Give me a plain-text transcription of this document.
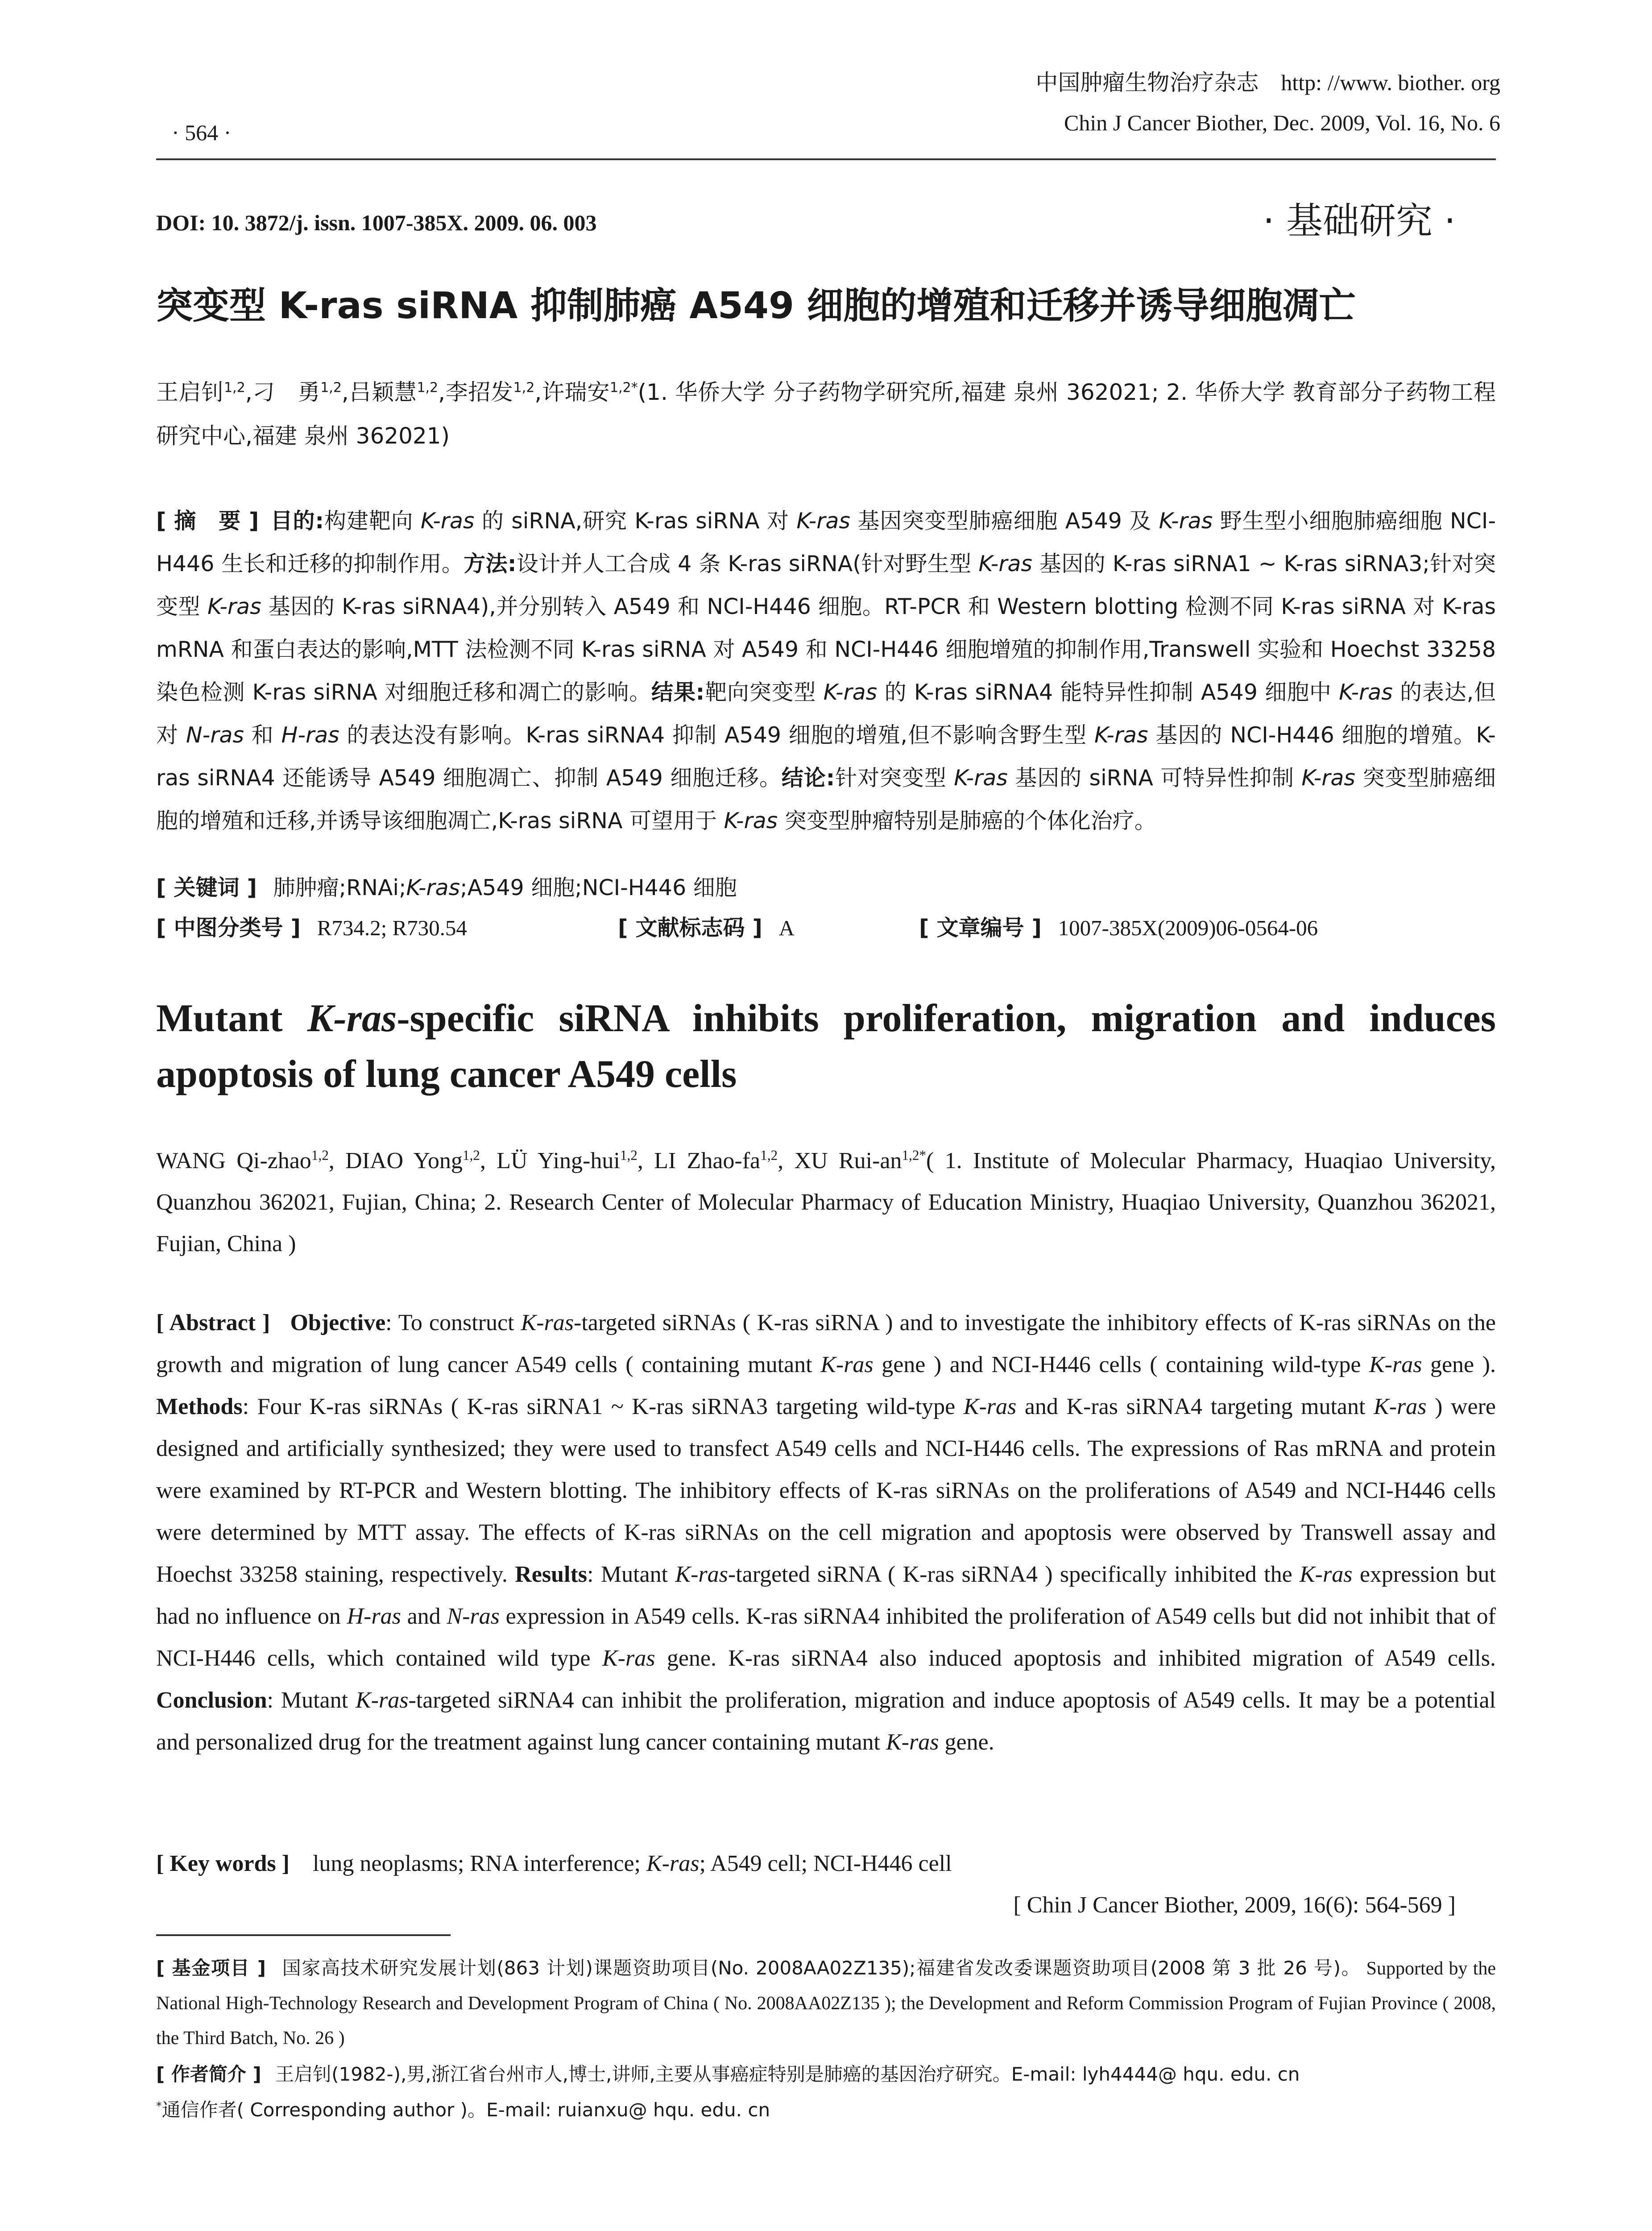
中国肿瘤生物治疗杂志 http: //www. biother. org
Chin J Cancer Biother, Dec. 2009, Vol. 16, No. 6
· 564 ·
DOI: 10. 3872/j. issn. 1007-385X. 2009. 06. 003	· 基础研究 ·
突变型 K-ras siRNA 抑制肺癌 A549 细胞的增殖和迁移并诱导细胞凋亡
王启钊$^{1,2}$,刁　勇$^{1,2}$,吕颖慧$^{1,2}$,李招发$^{1,2}$,许瑞安$^{1,2*}$(1. 华侨大学 分子药物学研究所,福建 泉州 362021; 2. 华侨大学 教育部分子药物工程研究中心,福建 泉州 362021)
[ 摘　要 ] 目的:构建靶向 K-ras 的 siRNA,研究 K-ras siRNA 对 K-ras 基因突变型肺癌细胞 A549 及 K-ras 野生型小细胞肺癌细胞 NCI-H446 生长和迁移的抑制作用。方法:设计并人工合成 4 条 K-ras siRNA(针对野生型 K-ras 基因的 K-ras siRNA1 ~ K-ras siRNA3;针对突变型 K-ras 基因的 K-ras siRNA4),并分别转入 A549 和 NCI-H446 细胞。RT-PCR 和 Western blotting 检测不同 K-ras siRNA 对 K-ras mRNA 和蛋白表达的影响,MTT 法检测不同 K-ras siRNA 对 A549 和 NCI-H446 细胞增殖的抑制作用,Transwell 实验和 Hoechst 33258 染色检测 K-ras siRNA 对细胞迁移和凋亡的影响。结果:靶向突变型 K-ras 的 K-ras siRNA4 能特异性抑制 A549 细胞中 K-ras 的表达,但对 N-ras 和 H-ras 的表达没有影响。K-ras siRNA4 抑制 A549 细胞的增殖,但不影响含野生型 K-ras 基因的 NCI-H446 细胞的增殖。K-ras siRNA4 还能诱导 A549 细胞凋亡、抑制 A549 细胞迁移。结论:针对突变型 K-ras 基因的 siRNA 可特异性抑制 K-ras 突变型肺癌细胞的增殖和迁移,并诱导该细胞凋亡,K-ras siRNA 可望用于 K-ras 突变型肿瘤特别是肺癌的个体化治疗。
[ 关键词 ] 肺肿瘤;RNAi;K-ras;A549 细胞;NCI-H446 细胞
[ 中图分类号 ] R734.2; R730.54	[ 文献标志码 ] A	[ 文章编号 ] 1007-385X(2009)06-0564-06
Mutant K-ras-specific siRNA inhibits proliferation, migration and induces apoptosis of lung cancer A549 cells
WANG Qi-zhao$^{1,2}$, DIAO Yong$^{1,2}$, LÜ Ying-hui$^{1,2}$, LI Zhao-fa$^{1,2}$, XU Rui-$an^{1,2*}$( 1. Institute of Molecular Pharmacy, Huaqiao University, Quanzhou 362021, Fujian, China; 2. Research Center of Molecular Pharmacy of Education Ministry, Huaqiao University, Quanzhou 362021, Fujian, China )
[ Abstract ] Objective: To construct K-ras-targeted siRNAs ( K-ras siRNA ) and to investigate the inhibitory effects of K-ras siRNAs on the growth and migration of lung cancer A549 cells ( containing mutant K-ras gene ) and NCI-H446 cells ( containing wild-type K-ras gene ). Methods: Four K-ras siRNAs ( K-ras siRNA1 ~ K-ras siRNA3 targeting wild-type K-ras and K-ras siRNA4 targeting mutant K-ras ) were designed and artificially synthesized; they were used to transfect A549 cells and NCI-H446 cells. The expressions of Ras mRNA and protein were examined by RT-PCR and Western blotting. The inhibitory effects of K-ras siRNAs on the proliferations of A549 and NCI-H446 cells were determined by MTT assay. The effects of K-ras siRNAs on the cell migration and apoptosis were observed by Transwell assay and Hoechst 33258 staining, respectively. Results: Mutant K-ras-targeted siRNA ( K-ras siRNA4 ) specifically inhibited the K-ras expression but had no influence on H-ras and N-ras expression in A549 cells. K-ras siRNA4 inhibited the proliferation of A549 cells but did not inhibit that of NCI-H446 cells, which contained wild type K-ras gene. K-ras siRNA4 also induced apoptosis and inhibited migration of A549 cells. Conclusion: Mutant K-ras-targeted siRNA4 can inhibit the proliferation, migration and induce apoptosis of A549 cells. It may be a potential and personalized drug for the treatment against lung cancer containing mutant K-ras gene.
[ Key words ] lung neoplasms; RNA interference; K-ras; A549 cell; NCI-H446 cell
[ Chin J Cancer Biother, 2009, 16(6): 564-569 ]
[ 基金项目 ] 国家高技术研究发展计划(863 计划)课题资助项目(No. 2008AA02Z135);福建省发改委课题资助项目(2008 第 3 批 26 号)。 Supported by the National High-Technology Research and Development Program of China ( No. 2008AA02Z135 ); the Development and Reform Commission Program of Fujian Province ( 2008, the Third Batch, No. 26 )
[ 作者简介 ] 王启钊(1982-),男,浙江省台州市人,博士,讲师,主要从事癌症特别是肺癌的基因治疗研究。E-mail: lyh4444@ hqu. edu. cn
*通信作者( Corresponding author )。E-mail: ruianxu@ hqu. edu. cn
